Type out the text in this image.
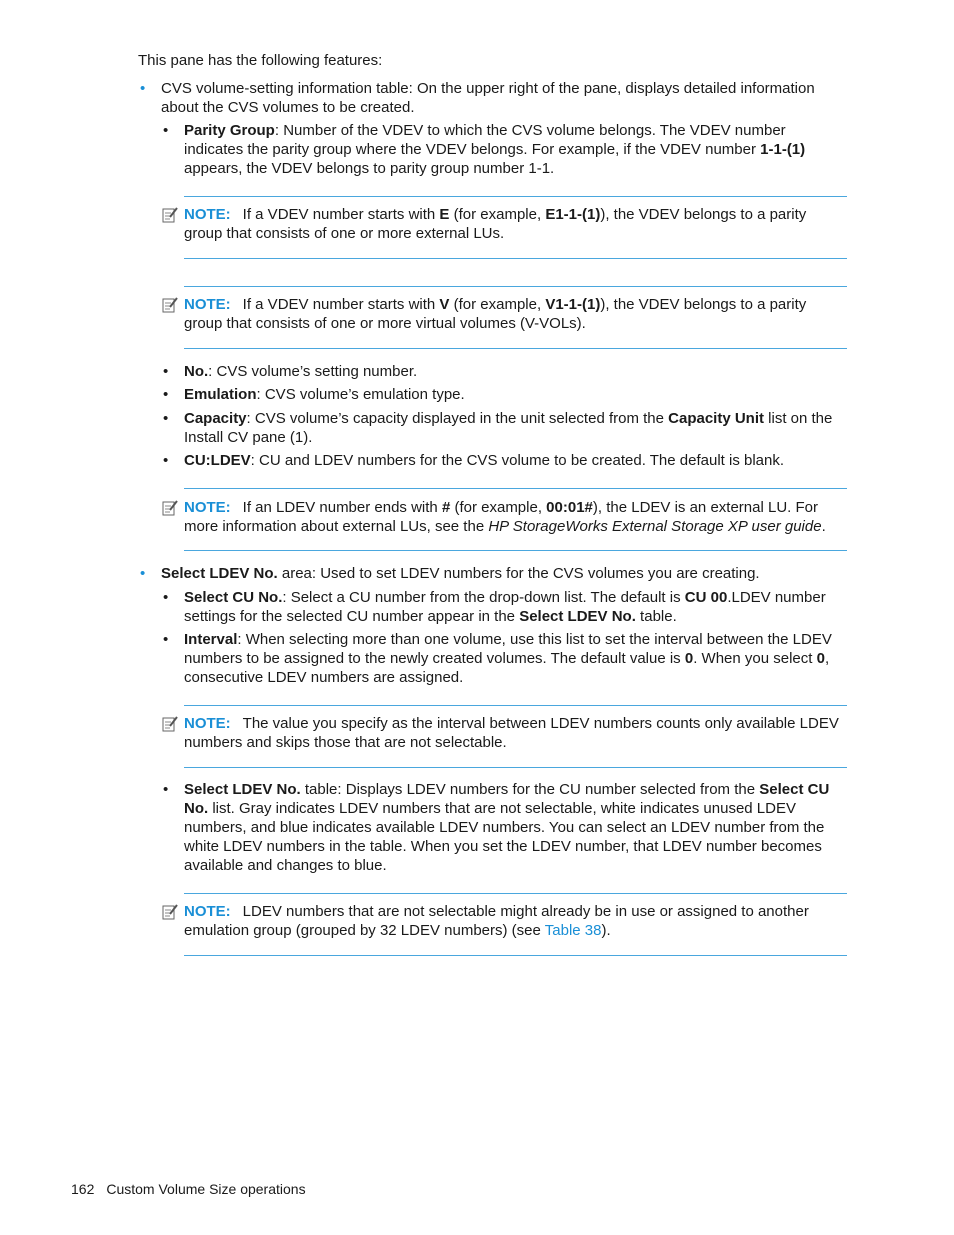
This pane has the following features:

• CVS volume-setting information table: On the upper right of the pane, displays detailed information about the CVS volumes to be created.

• Parity Group: Number of the VDEV to which the CVS volume belongs. The VDEV number indicates the parity group where the VDEV belongs. For example, if the VDEV number 1-1-(1) appears, the VDEV belongs to parity group number 1-1.

NOTE: If a VDEV number starts with E (for example, E1-1-(1)), the VDEV belongs to a parity group that consists of one or more external LUs.

NOTE: If a VDEV number starts with V (for example, V1-1-(1)), the VDEV belongs to a parity group that consists of one or more virtual volumes (V-VOLs).

• No.: CVS volume’s setting number.

• Emulation: CVS volume’s emulation type.

• Capacity: CVS volume’s capacity displayed in the unit selected from the Capacity Unit list on the Install CV pane (1).

• CU:LDEV: CU and LDEV numbers for the CVS volume to be created. The default is blank.

NOTE: If an LDEV number ends with # (for example, 00:01#), the LDEV is an external LU. For more information about external LUs, see the HP StorageWorks External Storage XP user guide.

• Select LDEV No. area: Used to set LDEV numbers for the CVS volumes you are creating.

• Select CU No.: Select a CU number from the drop-down list. The default is CU 00.LDEV number settings for the selected CU number appear in the Select LDEV No. table.

• Interval: When selecting more than one volume, use this list to set the interval between the LDEV numbers to be assigned to the newly created volumes. The default value is 0. When you select 0, consecutive LDEV numbers are assigned.

NOTE: The value you specify as the interval between LDEV numbers counts only available LDEV numbers and skips those that are not selectable.

• Select LDEV No. table: Displays LDEV numbers for the CU number selected from the Select CU No. list. Gray indicates LDEV numbers that are not selectable, white indicates unused LDEV numbers, and blue indicates available LDEV numbers. You can select an LDEV number from the white LDEV numbers in the table. When you set the LDEV number, that LDEV number becomes available and changes to blue.

NOTE: LDEV numbers that are not selectable might already be in use or assigned to another emulation group (grouped by 32 LDEV numbers) (see Table 38).

162 Custom Volume Size operations
